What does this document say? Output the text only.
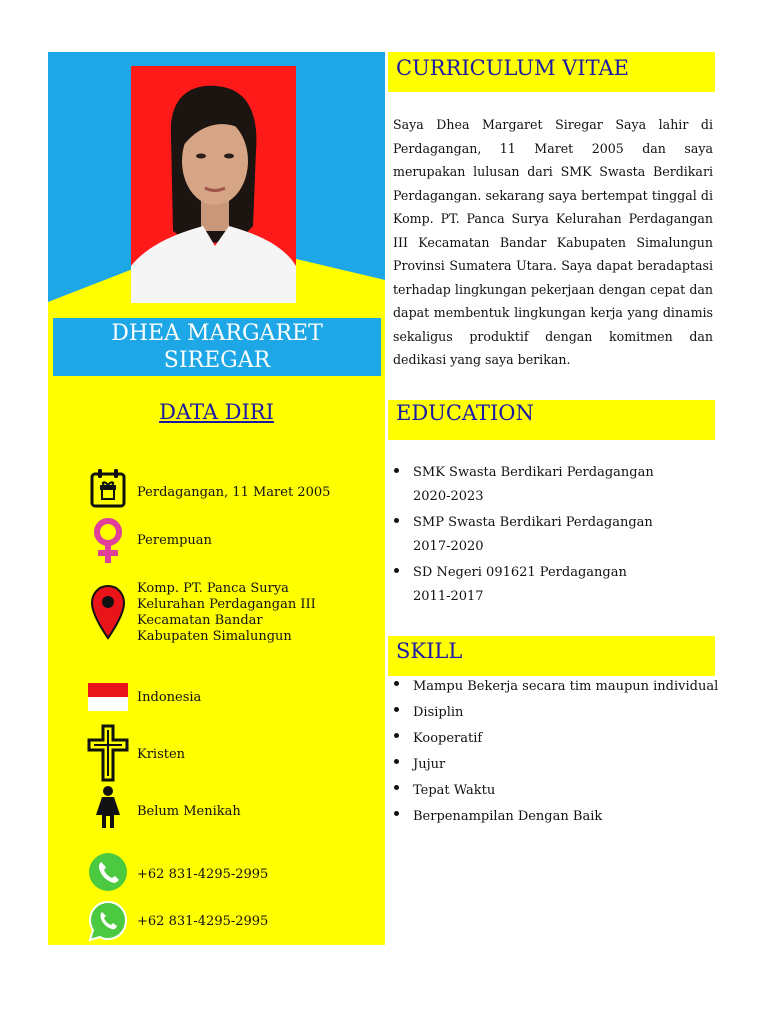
DHEA MARGARET
SIREGAR
DATA DIRI
Perdagangan, 11 Maret 2005
Perempuan
Komp. PT. Panca Surya
Kelurahan Perdagangan III
Kecamatan Bandar
Kabupaten Simalungun
Indonesia
Kristen
Belum Menikah
+62 831-4295-2995
+62 831-4295-2995
CURRICULUM VITAE
Saya Dhea Margaret Siregar Saya lahir di Perdagangan, 11 Maret 2005 dan saya merupakan lulusan dari SMK Swasta Berdikari Perdagangan. sekarang saya bertempat tinggal di Komp. PT. Panca Surya Kelurahan Perdagangan III Kecamatan Bandar Kabupaten Simalungun Provinsi Sumatera Utara. Saya dapat beradaptasi terhadap lingkungan pekerjaan dengan cepat dan dapat membentuk lingkungan kerja yang dinamis sekaligus produktif dengan komitmen dan dedikasi yang saya berikan.
EDUCATION
SMK Swasta Berdikari Perdagangan
2020-2023
SMP Swasta Berdikari Perdagangan
2017-2020
SD Negeri 091621 Perdagangan
2011-2017
SKILL
Mampu Bekerja secara tim maupun individual
Disiplin
Kooperatif
Jujur
Tepat Waktu
Berpenampilan Dengan Baik
